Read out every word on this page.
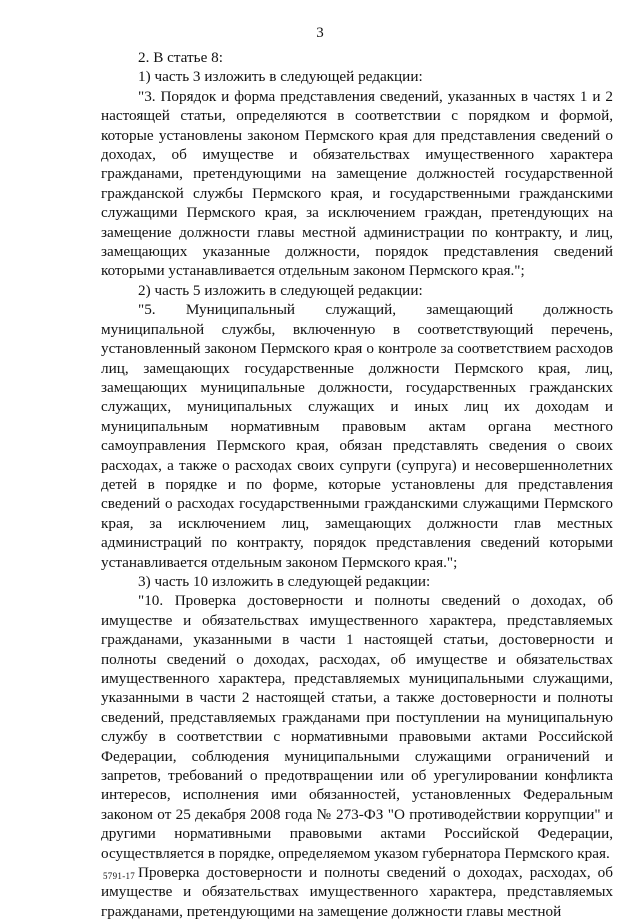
3

2. В статье 8:

1) часть 3 изложить в следующей редакции:

"3. Порядок и форма представления сведений, указанных в частях 1 и 2 настоящей статьи, определяются в соответствии с порядком и формой, которые установлены законом Пермского края для представления сведений о доходах, об имуществе и обязательствах имущественного характера гражданами, претендующими на замещение должностей государственной гражданской службы Пермского края, и государственными гражданскими служащими Пермского края, за исключением граждан, претендующих на замещение должности главы местной администрации по контракту, и лиц, замещающих указанные должности, порядок представления сведений которыми устанавливается отдельным законом Пермского края.";

2) часть 5 изложить в следующей редакции:

"5. Муниципальный служащий, замещающий должность муниципальной службы, включенную в соответствующий перечень, установленный законом Пермского края о контроле за соответствием расходов лиц, замещающих государственные должности Пермского края, лиц, замещающих муниципальные должности, государственных гражданских служащих, муниципальных служащих и иных лиц их доходам и муниципальным нормативным правовым актам органа местного самоуправления Пермского края, обязан представлять сведения о своих расходах, а также о расходах своих супруги (супруга) и несовершеннолетних детей в порядке и по форме, которые установлены для представления сведений о расходах государственными гражданскими служащими Пермского края, за исключением лиц, замещающих должности глав местных администраций по контракту, порядок представления сведений которыми устанавливается отдельным законом Пермского края.";

3) часть 10 изложить в следующей редакции:

"10. Проверка достоверности и полноты сведений о доходах, об имуществе и обязательствах имущественного характера, представляемых гражданами, указанными в части 1 настоящей статьи, достоверности и полноты сведений о доходах, расходах, об имуществе и обязательствах имущественного характера, представляемых муниципальными служащими, указанными в части 2 настоящей статьи, а также достоверности и полноты сведений, представляемых гражданами при поступлении на муниципальную службу в соответствии с нормативными правовыми актами Российской Федерации, соблюдения муниципальными служащими ограничений и запретов, требований о предотвращении или об урегулировании конфликта интересов, исполнения ими обязанностей, установленных Федеральным законом от 25 декабря 2008 года № 273-ФЗ "О противодействии коррупции" и другими нормативными правовыми актами Российской Федерации, осуществляется в порядке, определяемом указом губернатора Пермского края.

Проверка достоверности и полноты сведений о доходах, расходах, об имуществе и обязательствах имущественного характера, представляемых гражданами, претендующими на замещение должности главы местной

5791-17
